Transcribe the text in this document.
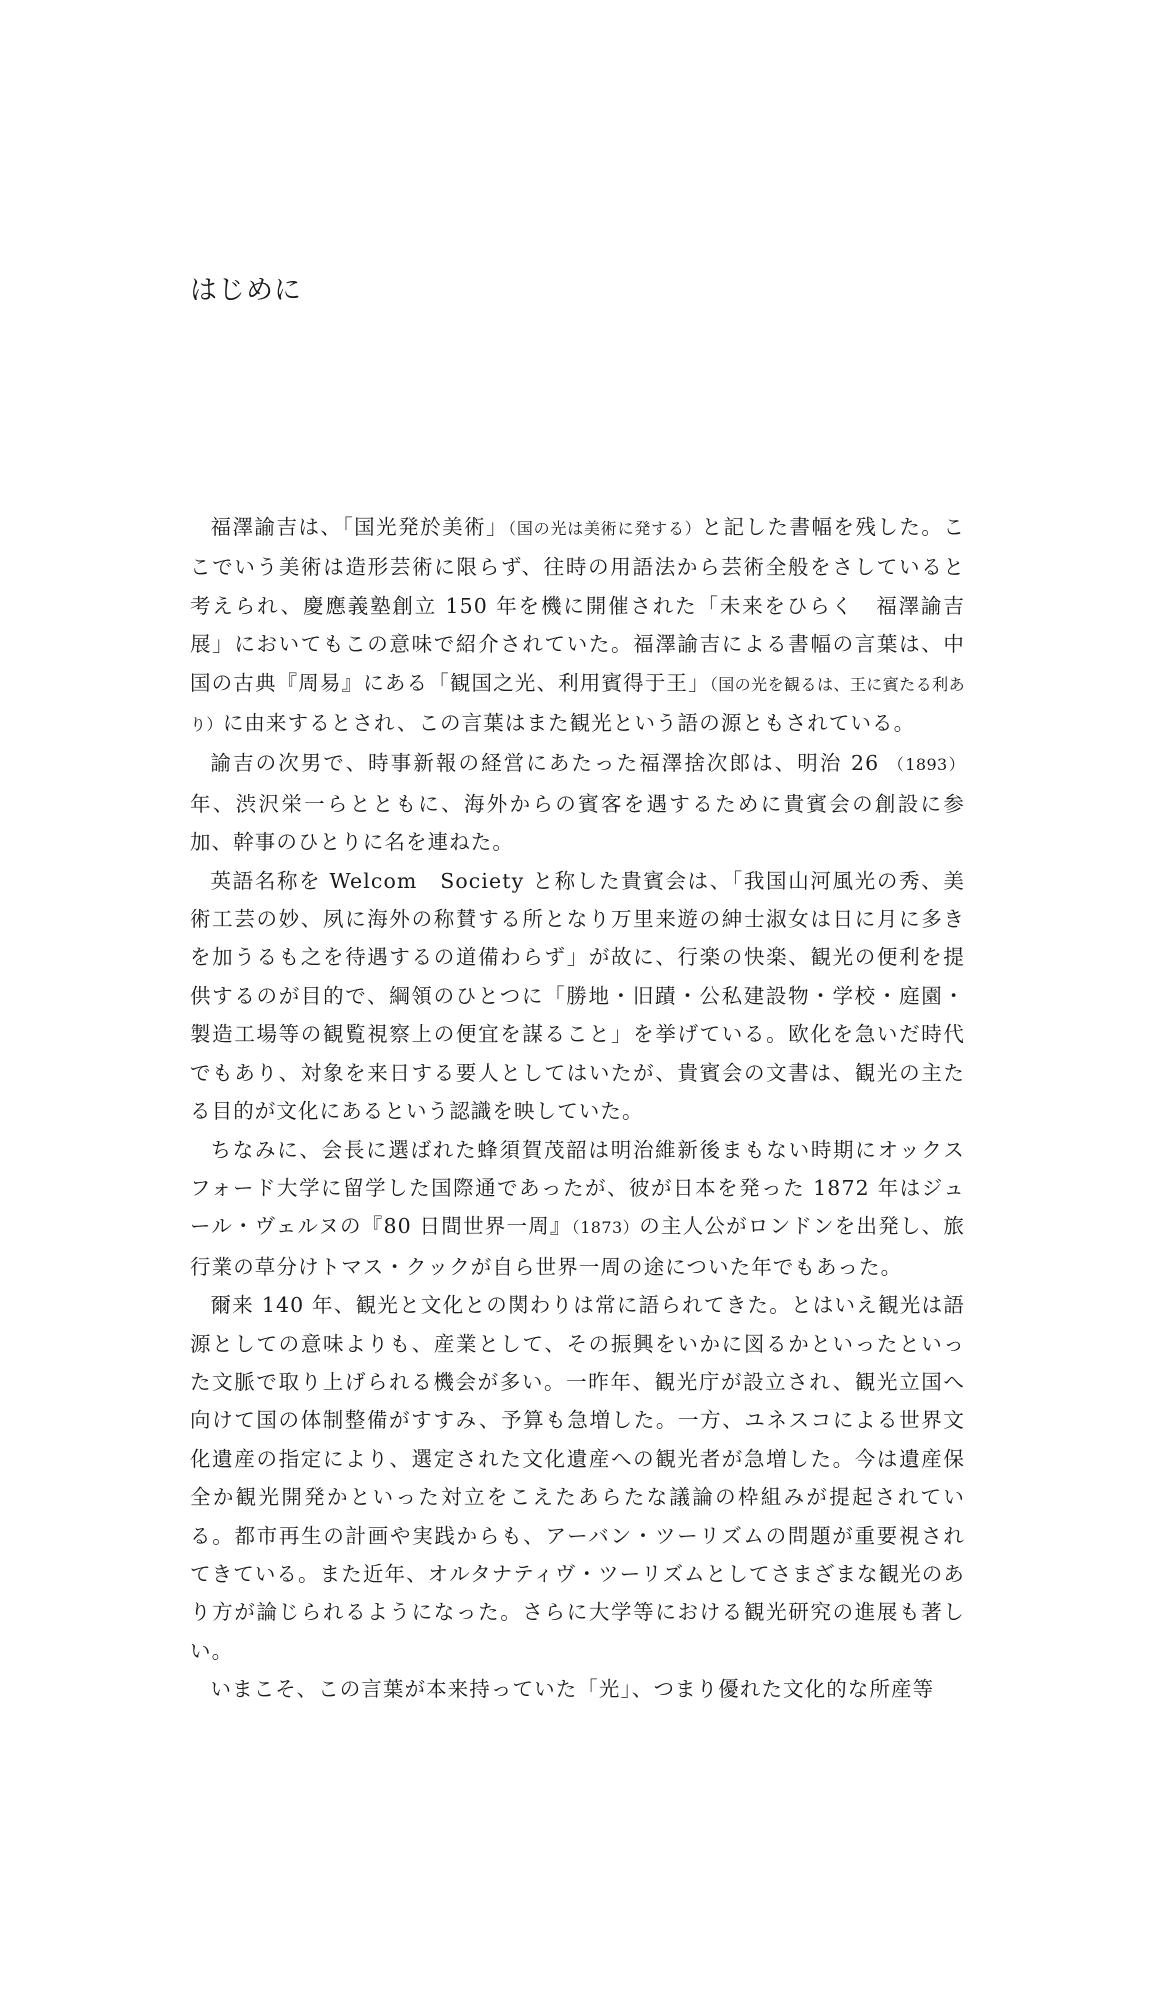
はじめに

福澤諭吉は、「国光発於美術」（国の光は美術に発する）と記した書幅を残した。ここでいう美術は造形芸術に限らず、往時の用語法から芸術全般をさしていると考えられ、慶應義塾創立 150 年を機に開催された「未来をひらく　福澤諭吉展」においてもこの意味で紹介されていた。福澤諭吉による書幅の言葉は、中国の古典『周易』にある「観国之光、利用賓得于王」（国の光を観るは、王に賓たる利あり）に由来するとされ、この言葉はまた観光という語の源ともされている。

諭吉の次男で、時事新報の経営にあたった福澤捨次郎は、明治 26 （1893）年、渋沢栄一らとともに、海外からの賓客を遇するために貴賓会の創設に参加、幹事のひとりに名を連ねた。

英語名称を Welcom　Society と称した貴賓会は、「我国山河風光の秀、美術工芸の妙、夙に海外の称賛する所となり万里来遊の紳士淑女は日に月に多きを加うるも之を待遇するの道備わらず」が故に、行楽の快楽、観光の便利を提供するのが目的で、綱領のひとつに「勝地・旧蹟・公私建設物・学校・庭園・製造工場等の観覧視察上の便宜を謀ること」を挙げている。欧化を急いだ時代でもあり、対象を来日する要人としてはいたが、貴賓会の文書は、観光の主たる目的が文化にあるという認識を映していた。

ちなみに、会長に選ばれた蜂須賀茂韶は明治維新後まもない時期にオックスフォード大学に留学した国際通であったが、彼が日本を発った 1872 年はジュール・ヴェルヌの『80 日間世界一周』（1873）の主人公がロンドンを出発し、旅行業の草分けトマス・クックが自ら世界一周の途についた年でもあった。

爾来 140 年、観光と文化との関わりは常に語られてきた。とはいえ観光は語源としての意味よりも、産業として、その振興をいかに図るかといったといった文脈で取り上げられる機会が多い。一昨年、観光庁が設立され、観光立国へ向けて国の体制整備がすすみ、予算も急増した。一方、ユネスコによる世界文化遺産の指定により、選定された文化遺産への観光者が急増した。今は遺産保全か観光開発かといった対立をこえたあらたな議論の枠組みが提起されている。都市再生の計画や実践からも、アーバン・ツーリズムの問題が重要視されてきている。また近年、オルタナティヴ・ツーリズムとしてさまざまな観光のあり方が論じられるようになった。さらに大学等における観光研究の進展も著しい。

いまこそ、この言葉が本来持っていた「光」、つまり優れた文化的な所産等
